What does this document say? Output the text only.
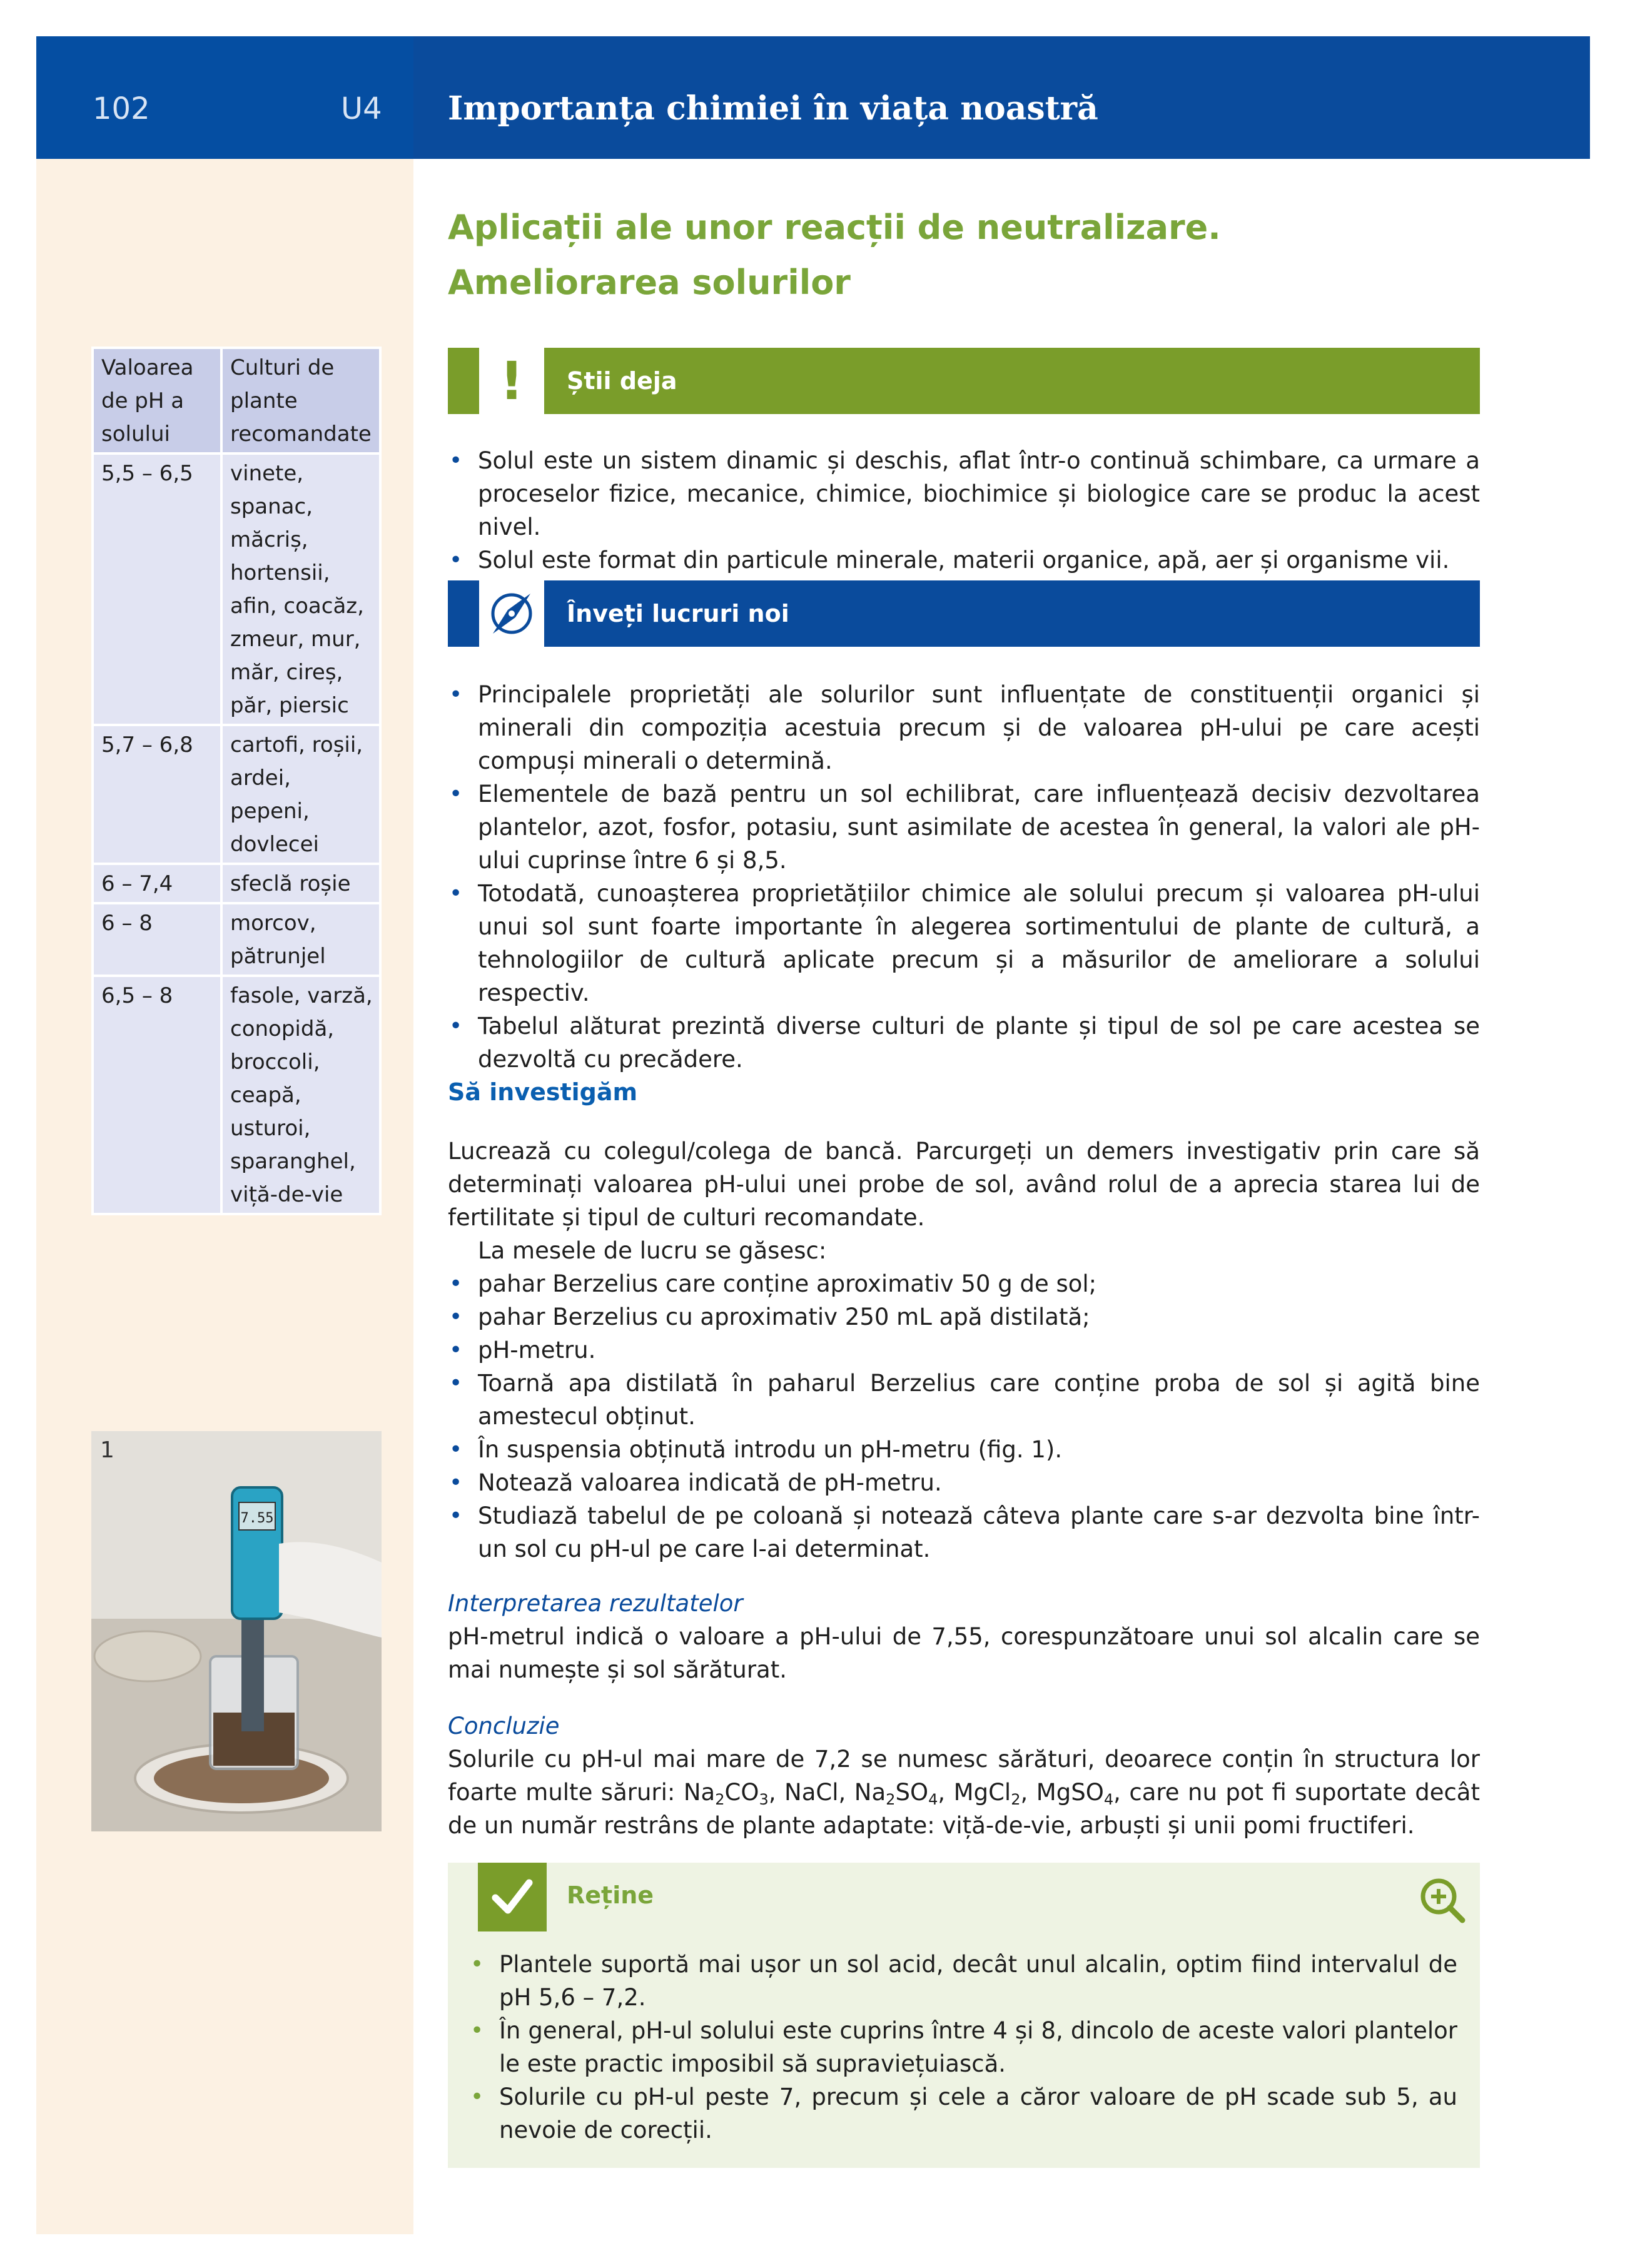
102	U4 Importanța chimiei în viața noastră
Valoarea de pH a solului	Culturi de plante recomandate
5,5 – 6,5	vinete, spanac, măcriș, hortensii, afin, coacăz, zmeur, mur, măr, cireș, păr, piersic
5,7 – 6,8	cartofi, roșii, ardei, pepeni, dovlecei
6 – 7,4	sfeclă roșie
6 – 8	morcov, pătrunjel
6,5 – 8	fasole, varză, conopidă, broccoli, ceapă, usturoi, sparanghel, viță-de-vie
7.55
1
Aplicații ale unor reacții de neutralizare.
Ameliorarea solurilor
!	Știi deja
• Solul este un sistem dinamic și deschis, aflat într-o continuă schimbare, ca urmare a proceselor fizice, mecanice, chimice, biochimice și biologice care se produc la acest nivel.
• Solul este format din particule minerale, materii organice, apă, aer și organisme vii.
Înveți lucruri noi
• Principalele proprietăți ale solurilor sunt influențate de constituenții organici și minerali din compoziția acestuia precum și de valoarea pH-ului pe care acești compuși minerali o determină.
• Elementele de bază pentru un sol echilibrat, care influențează decisiv dezvoltarea plantelor, azot, fosfor, potasiu, sunt asimilate de acestea în general, la valori ale pH-ului cuprinse între 6 și 8,5.
• Totodată, cunoașterea proprietățiilor chimice ale solului precum și valoarea pH-ului unui sol sunt foarte importante în alegerea sortimentului de plante de cultură, a tehnologiilor de cultură aplicate precum și a măsurilor de ameliorare a solului respectiv.
• Tabelul alăturat prezintă diverse culturi de plante și tipul de sol pe care acestea se dezvoltă cu precădere.
Să investigăm

Lucrează cu colegul/colega de bancă. Parcurgeți un demers investigativ prin care să determinați valoarea pH-ului unei probe de sol, având rolul de a aprecia starea lui de fertilitate și tipul de culturi recomandate.

La mesele de lucru se găsesc:

• pahar Berzelius care conține aproximativ 50 g de sol;
• pahar Berzelius cu aproximativ 250 mL apă distilată;
• pH-metru.
• Toarnă apa distilată în paharul Berzelius care conține proba de sol și agită bine amestecul obținut.
• În suspensia obținută introdu un pH-metru (fig. 1).
• Notează valoarea indicată de pH-metru.
• Studiază tabelul de pe coloană și notează câteva plante care s-ar dezvolta bine într-un sol cu pH-ul pe care l-ai determinat.
Interpretarea rezultatelor

pH-metrul indică o valoare a pH-ului de 7,55, corespunzătoare unui sol alcalin care se mai numește și sol sărăturat.

Concluzie

Solurile cu pH-ul mai mare de 7,2 se numesc sărături, deoarece conțin în structura lor foarte multe săruri: $Na_2CO_3$, NaCl, $Na_2SO_4$, MgCl$_2$, MgSO$_4$, care nu pot fi suportate decât de un număr restrâns de plante adaptate: viță-de-vie, arbuști și unii pomi fructiferi.

Reține
• Plantele suportă mai ușor un sol acid, decât unul alcalin, optim fiind intervalul de pH 5,6 – 7,2.
• În general, pH-ul solului este cuprins între 4 și 8, dincolo de aceste valori plantelor le este practic imposibil să supraviețuiască.
• Solurile cu pH-ul peste 7, precum și cele a căror valoare de pH scade sub 5, au nevoie de corecții.
